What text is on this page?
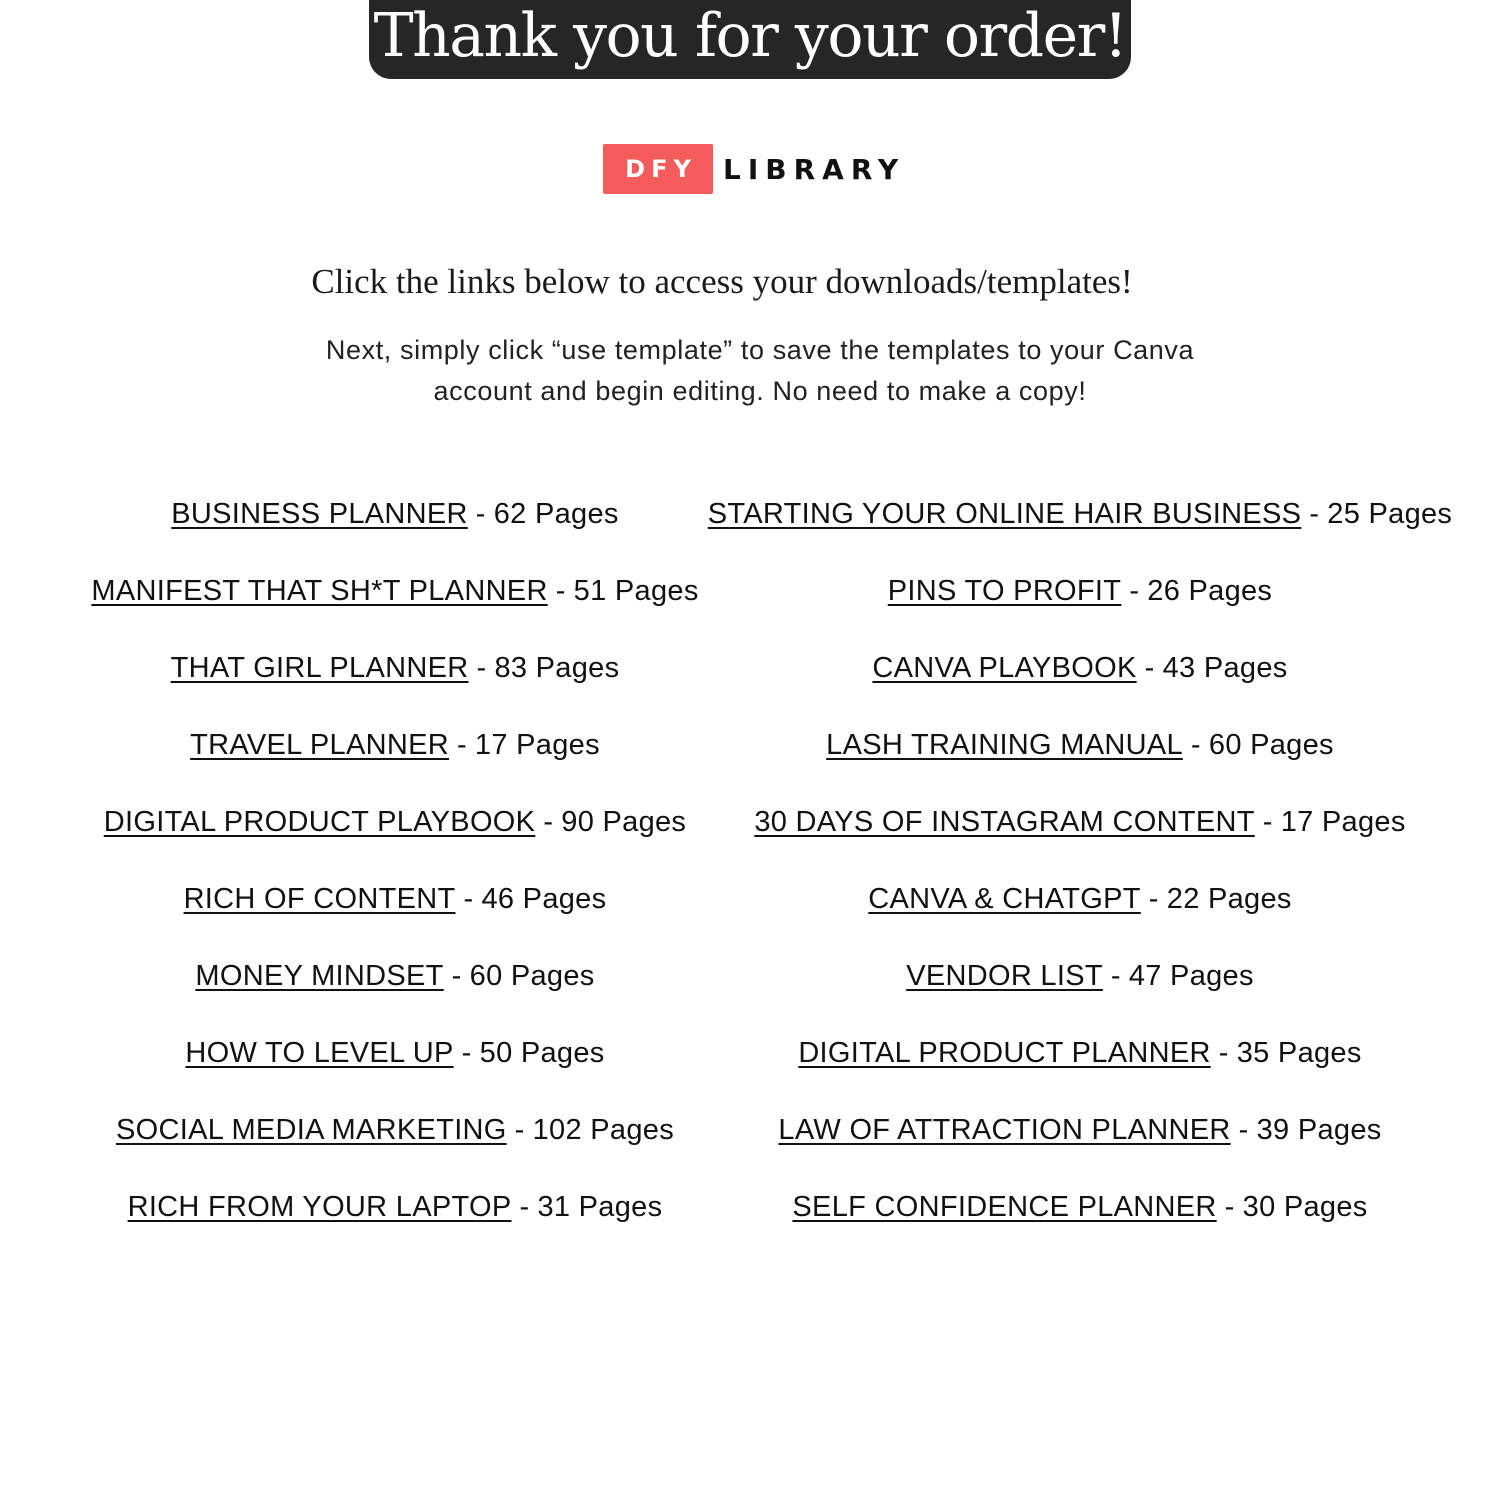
Thank you for your order!
DFY LIBRARY
Click the links below to access your downloads/templates!
Next, simply click “use template” to save the templates to your Canva
account and begin editing. No need to make a copy!
BUSINESS PLANNER - 62 Pages
MANIFEST THAT SH*T PLANNER - 51 Pages
THAT GIRL PLANNER - 83 Pages
TRAVEL PLANNER - 17 Pages
DIGITAL PRODUCT PLAYBOOK - 90 Pages
RICH OF CONTENT - 46 Pages
MONEY MINDSET - 60 Pages
HOW TO LEVEL UP - 50 Pages
SOCIAL MEDIA MARKETING - 102 Pages
RICH FROM YOUR LAPTOP - 31 Pages
STARTING YOUR ONLINE HAIR BUSINESS - 25 Pages
PINS TO PROFIT - 26 Pages
CANVA PLAYBOOK - 43 Pages
LASH TRAINING MANUAL - 60 Pages
30 DAYS OF INSTAGRAM CONTENT - 17 Pages
CANVA & CHATGPT - 22 Pages
VENDOR LIST - 47 Pages
DIGITAL PRODUCT PLANNER - 35 Pages
LAW OF ATTRACTION PLANNER - 39 Pages
SELF CONFIDENCE PLANNER - 30 Pages
